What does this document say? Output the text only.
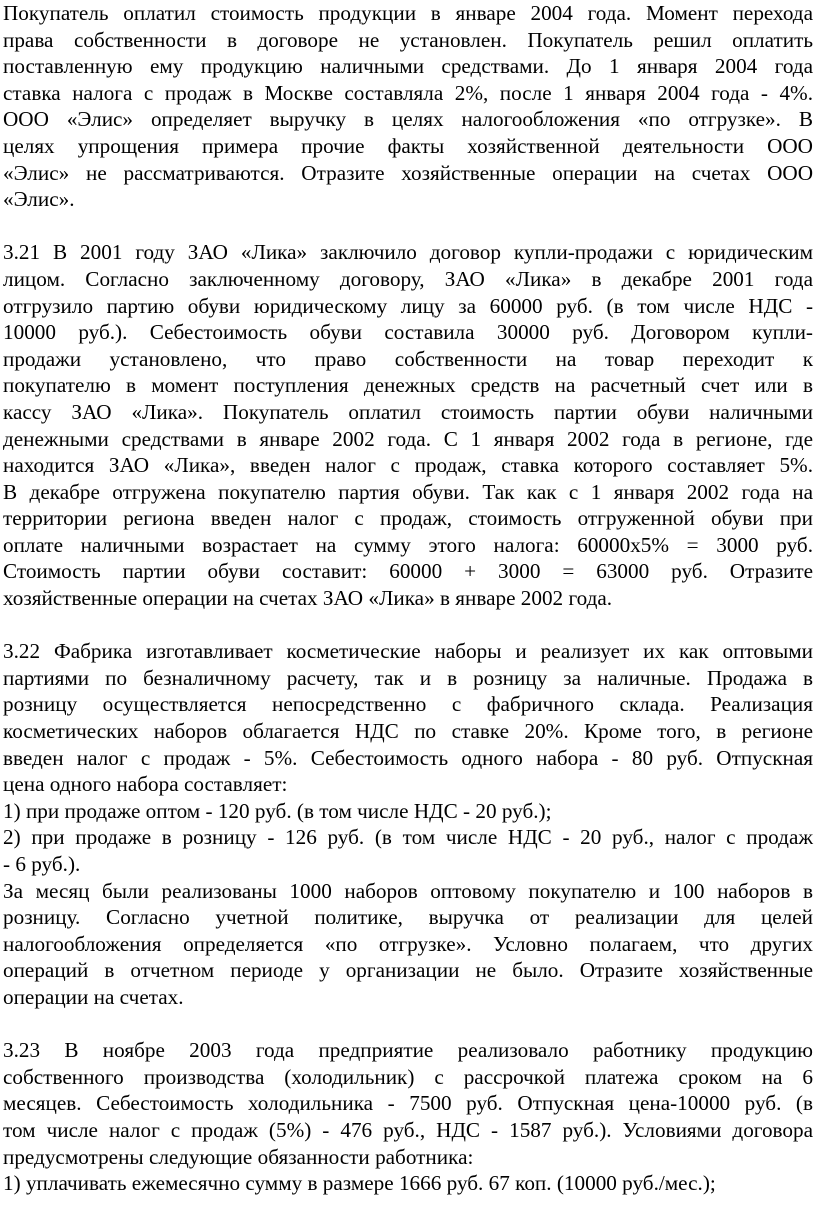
Покупатель оплатил стоимость продукции в январе 2004 года. Момент перехода
права собственности в договоре не установлен. Покупатель решил оплатить
поставленную ему продукцию наличными средствами. До 1 января 2004 года
ставка налога с продаж в Москве составляла 2%, после 1 января 2004 года - 4%.
ООО «Элис» определяет выручку в целях налогообложения «по отгрузке». В
целях упрощения примера прочие факты хозяйственной деятельности ООО
«Элис» не рассматриваются. Отразите хозяйственные операции на счетах ООО
«Элис».
3.21 В 2001 году ЗАО «Лика» заключило договор купли-продажи с юридическим
лицом. Согласно заключенному договору, ЗАО «Лика» в декабре 2001 года
отгрузило партию обуви юридическому лицу за 60000 руб. (в том числе НДС -
10000 руб.). Себестоимость обуви составила 30000 руб. Договором купли-
продажи установлено, что право собственности на товар переходит к
покупателю в момент поступления денежных средств на расчетный счет или в
кассу ЗАО «Лика». Покупатель оплатил стоимость партии обуви наличными
денежными средствами в январе 2002 года. С 1 января 2002 года в регионе, где
находится ЗАО «Лика», введен налог с продаж, ставка которого составляет 5%.
В декабре отгружена покупателю партия обуви. Так как с 1 января 2002 года на
территории региона введен налог с продаж, стоимость отгруженной обуви при
оплате наличными возрастает на сумму этого налога: 60000x5% = 3000 руб.
Стоимость партии обуви составит: 60000 + 3000 = 63000 руб. Отразите
хозяйственные операции на счетах ЗАО «Лика» в январе 2002 года.
3.22 Фабрика изготавливает косметические наборы и реализует их как оптовыми
партиями по безналичному расчету, так и в розницу за наличные. Продажа в
розницу осуществляется непосредственно с фабричного склада. Реализация
косметических наборов облагается НДС по ставке 20%. Кроме того, в регионе
введен налог с продаж - 5%. Себестоимость одного набора - 80 руб. Отпускная
цена одного набора составляет:
1) при продаже оптом - 120 руб. (в том числе НДС - 20 руб.);
2) при продаже в розницу - 126 руб. (в том числе НДС - 20 руб., налог с продаж
- 6 руб.).
За месяц были реализованы 1000 наборов оптовому покупателю и 100 наборов в
розницу. Согласно учетной политике, выручка от реализации для целей
налогообложения определяется «по отгрузке». Условно полагаем, что других
операций в отчетном периоде у организации не было. Отразите хозяйственные
операции на счетах.
3.23 В ноябре 2003 года предприятие реализовало работнику продукцию
собственного производства (холодильник) с рассрочкой платежа сроком на 6
месяцев. Себестоимость холодильника - 7500 руб. Отпускная цена-10000 руб. (в
том числе налог с продаж (5%) - 476 руб., НДС - 1587 руб.). Условиями договора
предусмотрены следующие обязанности работника:
1) уплачивать ежемесячно сумму в размере 1666 руб. 67 коп. (10000 руб./мес.);
